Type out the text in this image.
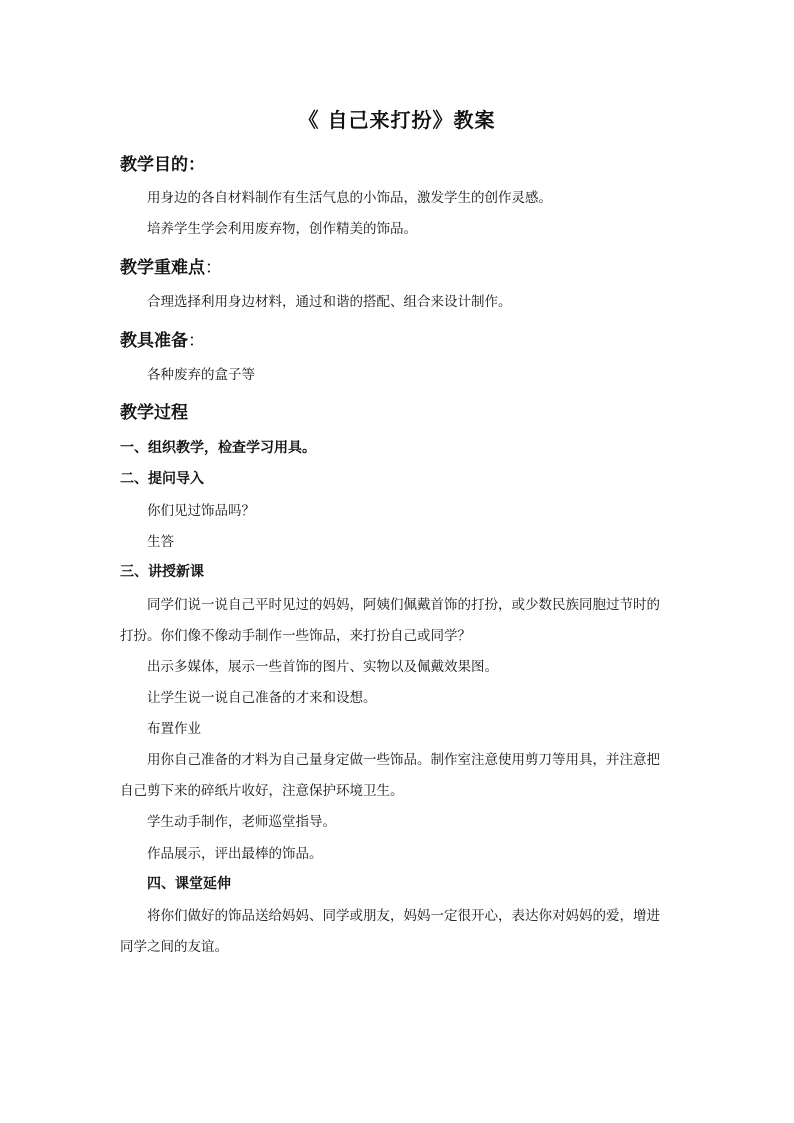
《 自己来打扮》教案
教学目的：
用身边的各自材料制作有生活气息的小饰品，激发学生的创作灵感。
培养学生学会利用废弃物，创作精美的饰品。
教学重难点：
合理选择利用身边材料，通过和谐的搭配、组合来设计制作。
教具准备：
各种废弃的盒子等
教学过程
一、组织教学，检查学习用具。
二、提问导入
你们见过饰品吗？
生答
三、讲授新课
同学们说一说自己平时见过的妈妈，阿姨们佩戴首饰的打扮，或少数民族同胞过节时的
打扮。你们像不像动手制作一些饰品，来打扮自己或同学？
出示多媒体，展示一些首饰的图片、实物以及佩戴效果图。
让学生说一说自己准备的才来和设想。
布置作业
用你自己准备的才料为自己量身定做一些饰品。制作室注意使用剪刀等用具，并注意把
自己剪下来的碎纸片收好，注意保护环境卫生。
学生动手制作，老师巡堂指导。
作品展示，评出最棒的饰品。
四、课堂延伸
将你们做好的饰品送给妈妈、同学或朋友，妈妈一定很开心，表达你对妈妈的爱，增进
同学之间的友谊。
